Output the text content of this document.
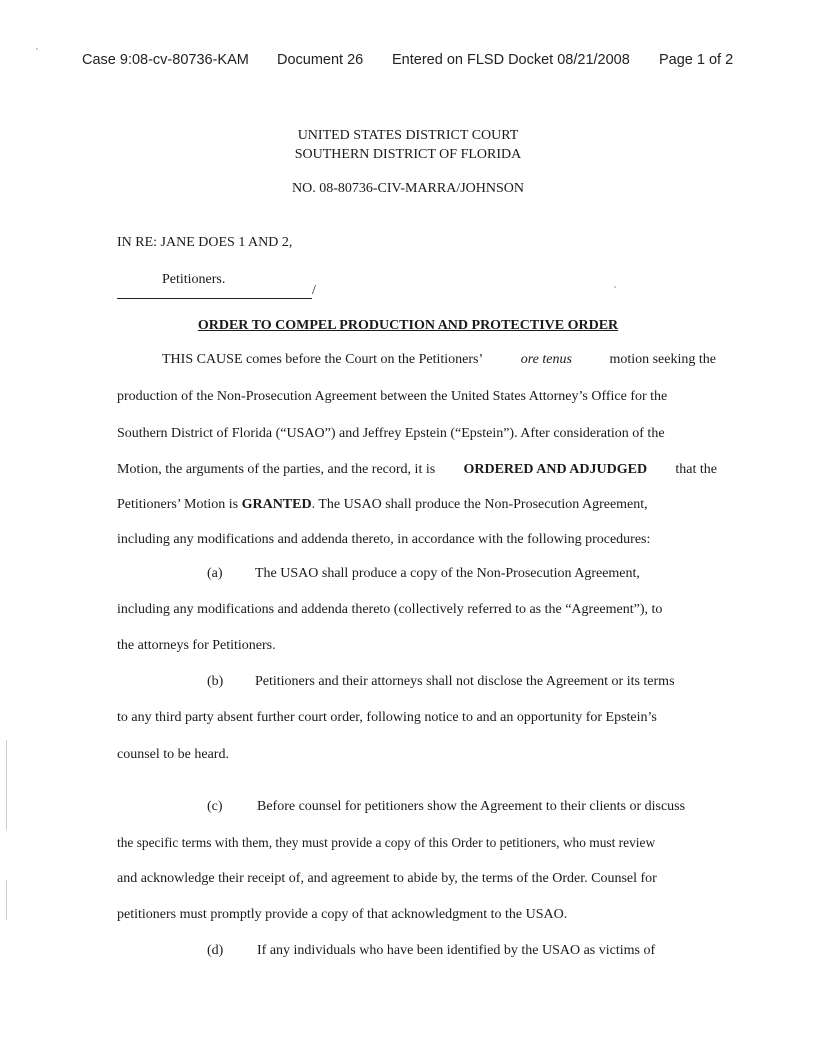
Case 9:08-cv-80736-KAM Document 26 Entered on FLSD Docket 08/21/2008 Page 1 of 2
UNITED STATES DISTRICT COURT
SOUTHERN DISTRICT OF FLORIDA
NO. 08-80736-CIV-MARRA/JOHNSON
IN RE: JANE DOES 1 AND 2,
Petitioners.
/
ORDER TO COMPEL PRODUCTION AND PROTECTIVE ORDER
THIS CAUSE comes before the Court on the Petitioners’	ore tenus	motion seeking the
production of the Non-Prosecution Agreement between the United States Attorney’s Office for the
Southern District of Florida (“USAO”) and Jeffrey Epstein (“Epstein”). After consideration of the
Motion, the arguments of the parties, and the record, it is ORDERED AND ADJUDGED that the
Petitioners’ Motion is GRANTED. The USAO shall produce the Non-Prosecution Agreement,
including any modifications and addenda thereto, in accordance with the following procedures:
(a) The USAO shall produce a copy of the Non-Prosecution Agreement,
including any modifications and addenda thereto (collectively referred to as the “Agreement”), to
the attorneys for Petitioners.
(b) Petitioners and their attorneys shall not disclose the Agreement or its terms
to any third party absent further court order, following notice to and an opportunity for Epstein’s
counsel to be heard.
(c) Before counsel for petitioners show the Agreement to their clients or discuss
the specific terms with them, they must provide a copy of this Order to petitioners, who must review
and acknowledge their receipt of, and agreement to abide by, the terms of the Order. Counsel for
petitioners must promptly provide a copy of that acknowledgment to the USAO.
(d) If any individuals who have been identified by the USAO as victims of
